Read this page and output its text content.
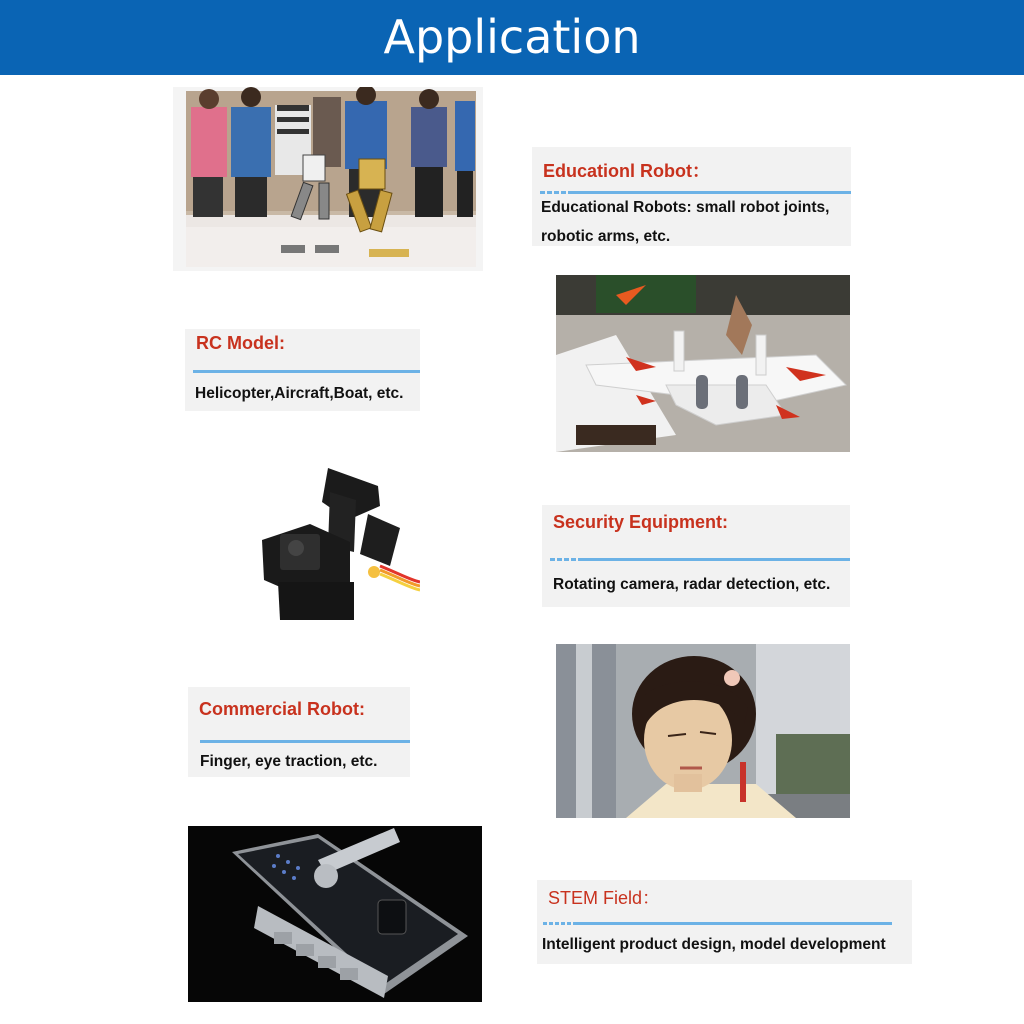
Application
Educationl Robot：
Educational Robots: small robot joints, robotic arms, etc.
RC Model:
Helicopter,Aircraft,Boat, etc.
Security Equipment:
Rotating camera, radar detection, etc.
Commercial Robot:
Finger, eye traction, etc.
STEM Field：
Intelligent product design, model development
